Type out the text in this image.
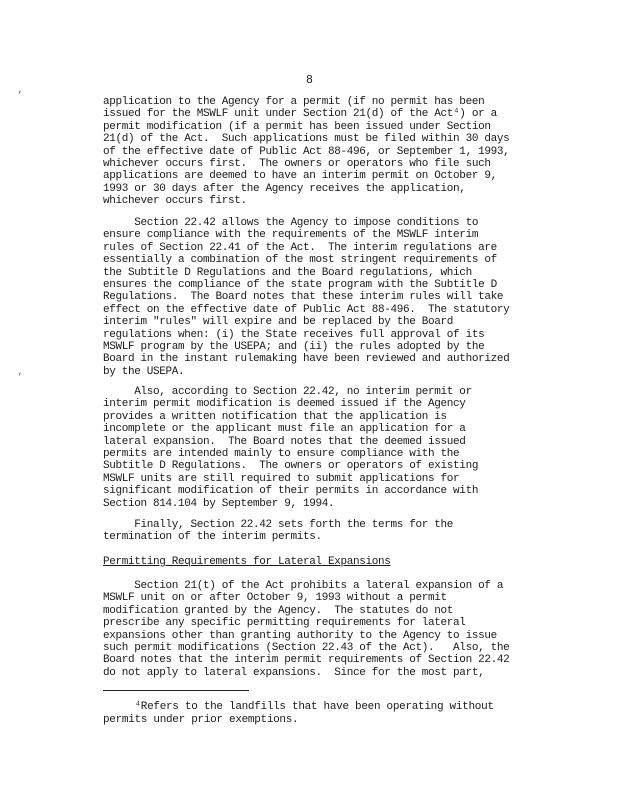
8
,
,
application to the Agency for a permit (if no permit has been
issued for the MSWLF unit under Section 21(d) of the Act⁴) or a
permit modification (if a permit has been issued under Section
21(d) of the Act.  Such applications must be filed within 30 days
of the effective date of Public Act 88-496, or September 1, 1993,
whichever occurs first.  The owners or operators who file such
applications are deemed to have an interim permit on October 9,
1993 or 30 days after the Agency receives the application,
whichever occurs first.
Section 22.42 allows the Agency to impose conditions to
ensure compliance with the requirements of the MSWLF interim
rules of Section 22.41 of the Act.  The interim regulations are
essentially a combination of the most stringent requirements of
the Subtitle D Regulations and the Board regulations, which
ensures the compliance of the state program with the Subtitle D
Regulations.  The Board notes that these interim rules will take
effect on the effective date of Public Act 88-496.  The statutory
interim "rules" will expire and be replaced by the Board
regulations when: (i) the State receives full approval of its
MSWLF program by the USEPA; and (ii) the rules adopted by the
Board in the instant rulemaking have been reviewed and authorized
by the USEPA.
Also, according to Section 22.42, no interim permit or
interim permit modification is deemed issued if the Agency
provides a written notification that the application is
incomplete or the applicant must file an application for a
lateral expansion.  The Board notes that the deemed issued
permits are intended mainly to ensure compliance with the
Subtitle D Regulations.  The owners or operators of existing
MSWLF units are still required to submit applications for
significant modification of their permits in accordance with
Section 814.104 by September 9, 1994.
Finally, Section 22.42 sets forth the terms for the
termination of the interim permits.
Permitting Requirements for Lateral Expansions
Section 21(t) of the Act prohibits a lateral expansion of a
MSWLF unit on or after October 9, 1993 without a permit
modification granted by the Agency.  The statutes do not
prescribe any specific permitting requirements for lateral
expansions other than granting authority to the Agency to issue
such permit modifications (Section 22.43 of the Act).   Also, the
Board notes that the interim permit requirements of Section 22.42
do not apply to lateral expansions.  Since for the most part,
⁴Refers to the landfills that have been operating without
permits under prior exemptions.
